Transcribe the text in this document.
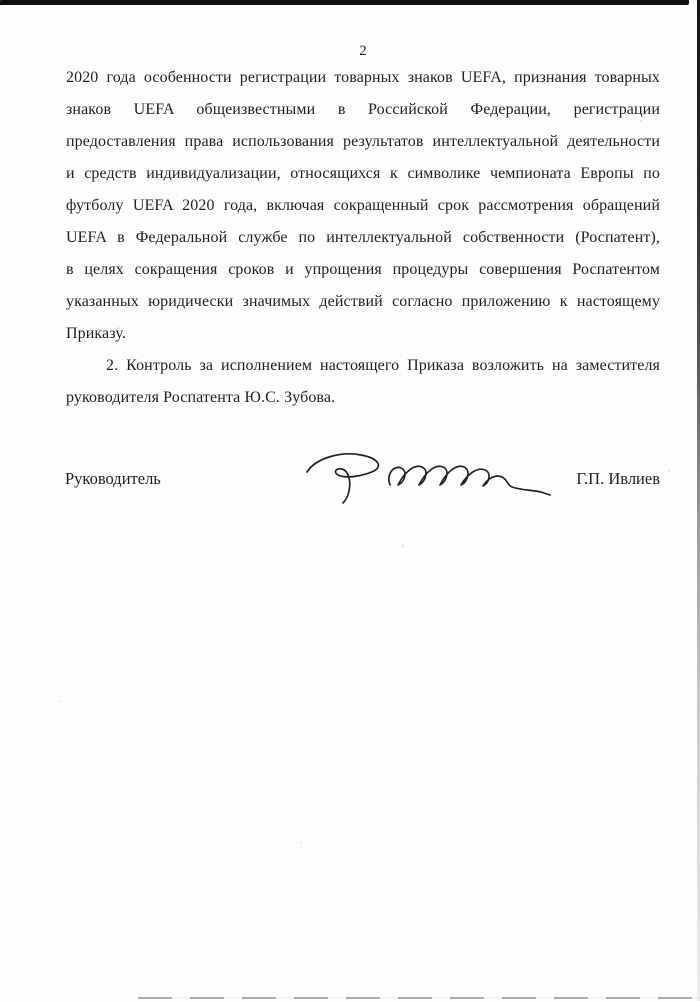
2
2020 года особенности регистрации товарных знаков UEFA, признания товарных
знаков UEFA общеизвестными в Российской Федерации, регистрации
предоставления права использования результатов интеллектуальной деятельности
и средств индивидуализации, относящихся к символике чемпионата Европы по
футболу UEFA 2020 года, включая сокращенный срок рассмотрения обращений
UEFA в Федеральной службе по интеллектуальной собственности (Роспатент),
в целях сокращения сроков и упрощения процедуры совершения Роспатентом
указанных юридически значимых действий согласно приложению к настоящему
Приказу.
2. Контроль за исполнением настоящего Приказа возложить на заместителя
руководителя Роспатента Ю.С. Зубова.
Руководитель	Г.П. Ивлиев
